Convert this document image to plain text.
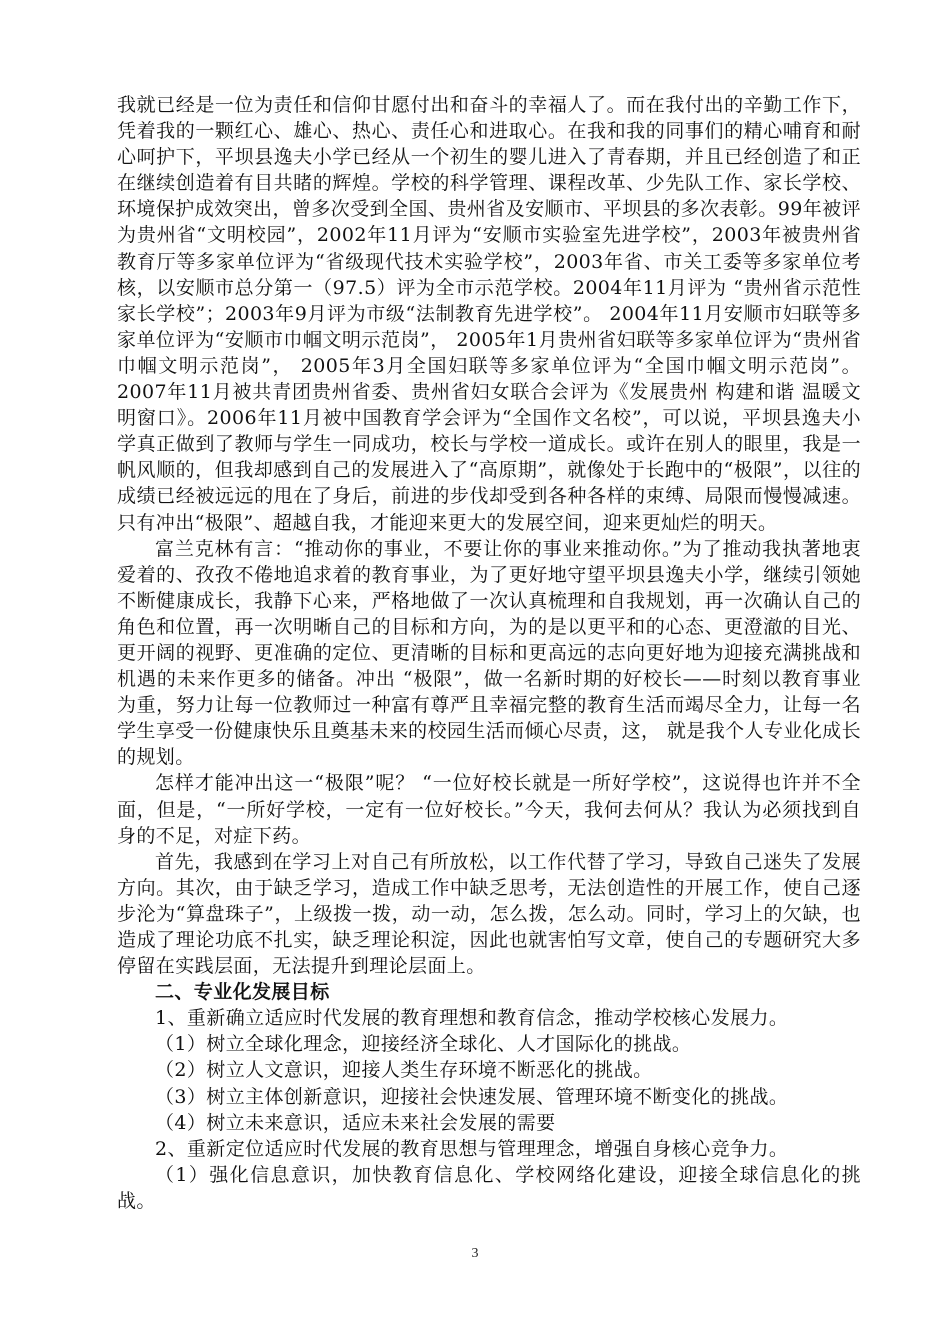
我就已经是一位为责任和信仰甘愿付出和奋斗的幸福人了。而在我付出的辛勤工作下，凭着我的一颗红心、雄心、热心、责任心和进取心。在我和我的同事们的精心哺育和耐心呵护下，平坝县逸夫小学已经从一个初生的婴儿进入了青春期，并且已经创造了和正在继续创造着有目共睹的辉煌。学校的科学管理、课程改革、少先队工作、家长学校、环境保护成效突出，曾多次受到全国、贵州省及安顺市、平坝县的多次表彰。99年被评为贵州省“文明校园”，2002年11月评为“安顺市实验室先进学校”，2003年被贵州省教育厅等多家单位评为“省级现代技术实验学校”，2003年省、市关工委等多家单位考核，以安顺市总分第一（97.5）评为全市示范学校。2004年11月评为 “贵州省示范性家长学校”；2003年9月评为市级“法制教育先进学校”。 2004年11月安顺市妇联等多家单位评为“安顺市巾帼文明示范岗”， 2005年1月贵州省妇联等多家单位评为“贵州省巾帼文明示范岗”， 2005年3月全国妇联等多家单位评为“全国巾帼文明示范岗”。2007年11月被共青团贵州省委、贵州省妇女联合会评为《发展贵州 构建和谐 温暖文明窗口》。2006年11月被中国教育学会评为“全国作文名校”，可以说，平坝县逸夫小学真正做到了教师与学生一同成功，校长与学校一道成长。或许在别人的眼里，我是一帆风顺的，但我却感到自己的发展进入了“高原期”，就像处于长跑中的“极限”，以往的成绩已经被远远的甩在了身后，前进的步伐却受到各种各样的束缚、局限而慢慢减速。只有冲出“极限”、超越自我，才能迎来更大的发展空间，迎来更灿烂的明天。

富兰克林有言：“推动你的事业，不要让你的事业来推动你。”为了推动我执著地衷爱着的、孜孜不倦地追求着的教育事业，为了更好地守望平坝县逸夫小学，继续引领她不断健康成长，我静下心来，严格地做了一次认真梳理和自我规划，再一次确认自己的角色和位置，再一次明晰自己的目标和方向，为的是以更平和的心态、更澄澈的目光、更开阔的视野、更准确的定位、更清晰的目标和更高远的志向更好地为迎接充满挑战和机遇的未来作更多的储备。冲出 “极限”，做一名新时期的好校长——时刻以教育事业为重，努力让每一位教师过一种富有尊严且幸福完整的教育生活而竭尽全力，让每一名学生享受一份健康快乐且奠基未来的校园生活而倾心尽责，这， 就是我个人专业化成长的规划。

怎样才能冲出这一“极限”呢？ “一位好校长就是一所好学校”，这说得也许并不全面，但是，“一所好学校，一定有一位好校长。”今天，我何去何从？我认为必须找到自身的不足，对症下药。

首先，我感到在学习上对自己有所放松，以工作代替了学习，导致自己迷失了发展方向。其次，由于缺乏学习，造成工作中缺乏思考，无法创造性的开展工作，使自己逐步沦为“算盘珠子”，上级拨一拨，动一动，怎么拨，怎么动。同时，学习上的欠缺，也造成了理论功底不扎实，缺乏理论积淀，因此也就害怕写文章，使自己的专题研究大多停留在实践层面，无法提升到理论层面上。

二、专业化发展目标

1、重新确立适应时代发展的教育理想和教育信念，推动学校核心发展力。

（1）树立全球化理念，迎接经济全球化、人才国际化的挑战。

（2）树立人文意识，迎接人类生存环境不断恶化的挑战。

（3）树立主体创新意识，迎接社会快速发展、管理环境不断变化的挑战。

（4）树立未来意识，适应未来社会发展的需要

2、重新定位适应时代发展的教育思想与管理理念，增强自身核心竞争力。

（1）强化信息意识，加快教育信息化、学校网络化建设，迎接全球信息化的挑战。

3
